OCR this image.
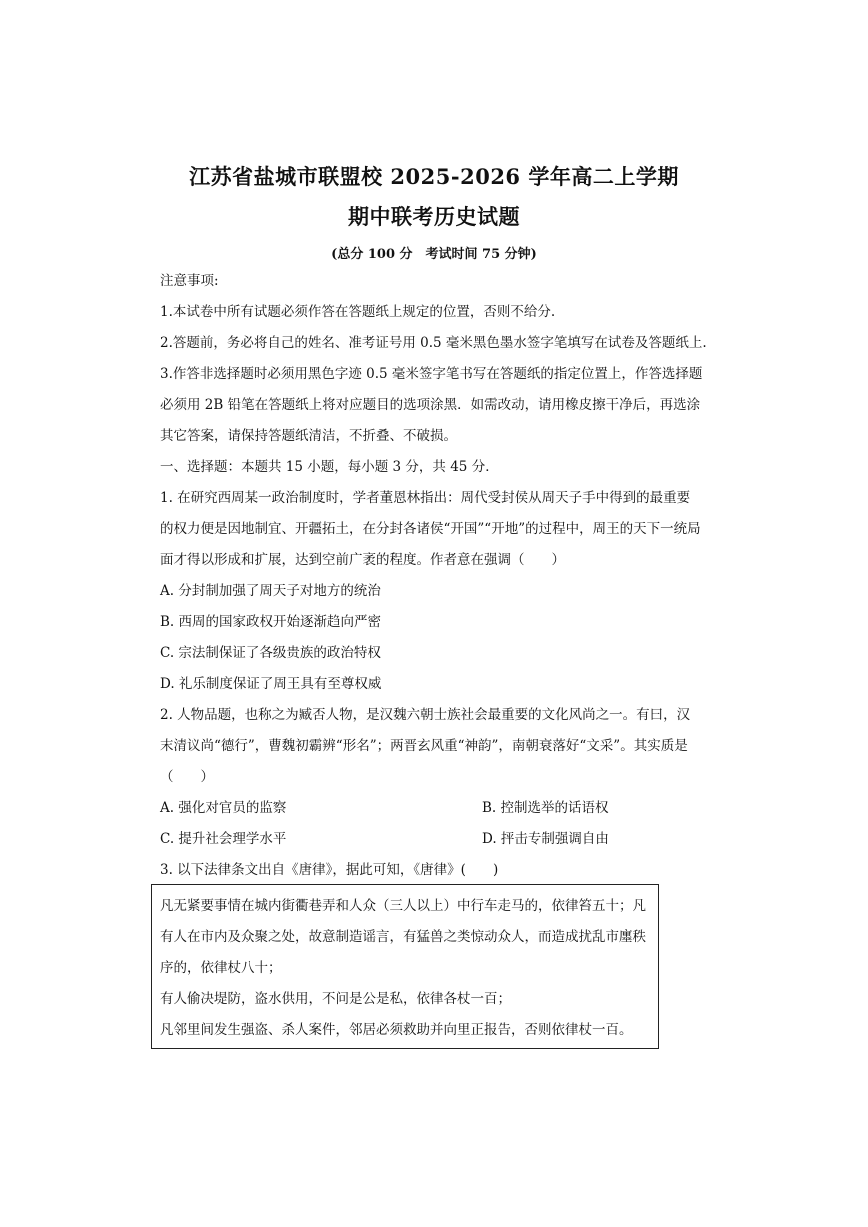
江苏省盐城市联盟校 2025-2026 学年高二上学期
期中联考历史试题
(总分 100 分　考试时间 75 分钟)
注意事项:
1.本试卷中所有试题必须作答在答题纸上规定的位置，否则不给分.
2.答题前，务必将自己的姓名、准考证号用 0.5 毫米黑色墨水签字笔填写在试卷及答题纸上.
3.作答非选择题时必须用黑色字迹 0.5 毫米签字笔书写在答题纸的指定位置上，作答选择题
必须用 2B 铅笔在答题纸上将对应题目的选项涂黑．如需改动，请用橡皮擦干净后，再选涂
其它答案，请保持答题纸清洁，不折叠、不破损。
一、选择题：本题共 15 小题，每小题 3 分，共 45 分．
1. 在研究西周某一政治制度时，学者董恩林指出：周代受封侯从周天子手中得到的最重要
的权力便是因地制宜、开疆拓土，在分封各诸侯“开国”“开地”的过程中，周王的天下一统局
面才得以形成和扩展，达到空前广袤的程度。作者意在强调（　　）
A. 分封制加强了周天子对地方的统治
B. 西周的国家政权开始逐渐趋向严密
C. 宗法制保证了各级贵族的政治特权
D. 礼乐制度保证了周王具有至尊权威
2. 人物品题，也称之为臧否人物，是汉魏六朝士族社会最重要的文化风尚之一。有曰，汉
末清议尚“德行”，曹魏初霸辨“形名”；两晋玄风重“神韵”，南朝衰落好“文采”。其实质是
（　　）
A. 强化对官员的监察	B. 控制选举的话语权
C. 提升社会理学水平	D. 抨击专制强调自由
3. 以下法律条文出自《唐律》，据此可知，《唐律》(　　)
凡无紧要事情在城内街衢巷弄和人众（三人以上）中行车走马的，依律笞五十；凡
有人在市内及众聚之处，故意制造谣言，有猛兽之类惊动众人，而造成扰乱市廛秩
序的，依律杖八十；
有人偷决堤防，盗水供用，不问是公是私，依律各杖一百；
凡邻里间发生强盗、杀人案件，邻居必须救助并向里正报告，否则依律杖一百。
